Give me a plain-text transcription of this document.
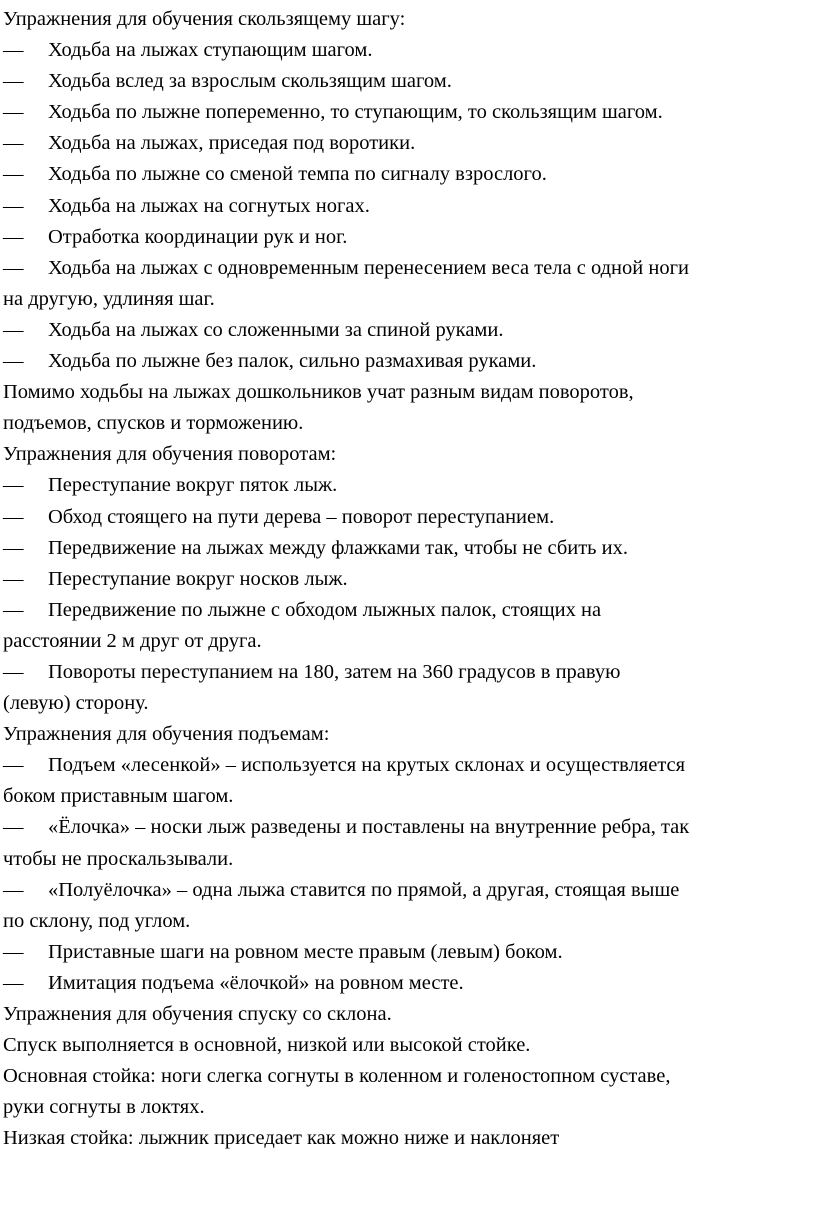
Упражнения для обучения скользящему шагу:
— Ходьба на лыжах ступающим шагом.
— Ходьба вслед за взрослым скользящим шагом.
— Ходьба по лыжне попеременно, то ступающим, то скользящим шагом.
— Ходьба на лыжах, приседая под воротики.
— Ходьба по лыжне со сменой темпа по сигналу взрослого.
— Ходьба на лыжах на согнутых ногах.
— Отработка координации рук и ног.
— Ходьба на лыжах с одновременным перенесением веса тела с одной ноги
на другую, удлиняя шаг.
— Ходьба на лыжах со сложенными за спиной руками.
— Ходьба по лыжне без палок, сильно размахивая руками.
Помимо ходьбы на лыжах дошкольников учат разным видам поворотов,
подъемов, спусков и торможению.
Упражнения для обучения поворотам:
— Переступание вокруг пяток лыж.
— Обход стоящего на пути дерева – поворот переступанием.
— Передвижение на лыжах между флажками так, чтобы не сбить их.
— Переступание вокруг носков лыж.
— Передвижение по лыжне с обходом лыжных палок, стоящих на
расстоянии 2 м друг от друга.
— Повороты переступанием на 180, затем на 360 градусов в правую
(левую) сторону.
Упражнения для обучения подъемам:
— Подъем «лесенкой» – используется на крутых склонах и осуществляется
боком приставным шагом.
— «Ёлочка» – носки лыж разведены и поставлены на внутренние ребра, так
чтобы не проскальзывали.
— «Полуёлочка» – одна лыжа ставится по прямой, а другая, стоящая выше
по склону, под углом.
— Приставные шаги на ровном месте правым (левым) боком.
— Имитация подъема «ёлочкой» на ровном месте.
Упражнения для обучения спуску со склона.
Спуск выполняется в основной, низкой или высокой стойке.
Основная стойка: ноги слегка согнуты в коленном и голеностопном суставе,
руки согнуты в локтях.
Низкая стойка: лыжник приседает как можно ниже и наклоняет
